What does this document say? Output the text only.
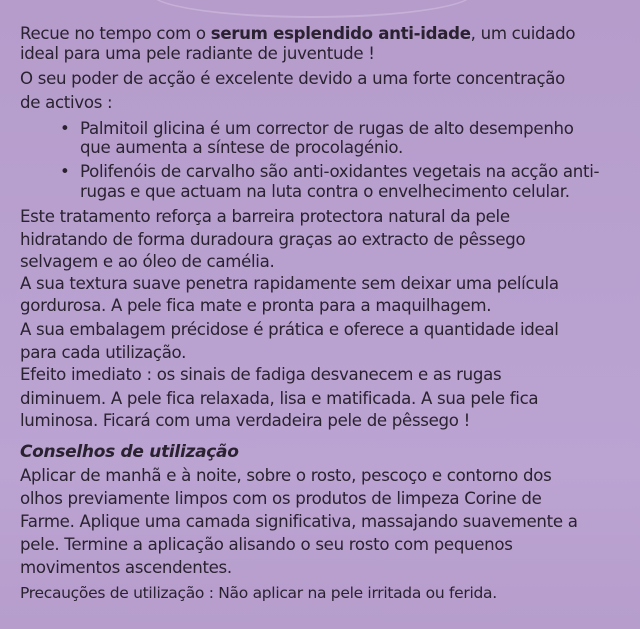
Recue no tempo com o serum esplendido anti-idade, um cuidado
ideal para uma pele radiante de juventude !
O seu poder de acção é excelente devido a uma forte concentração
de activos :
• Palmitoil glicina é um corrector de rugas de alto desempenho
que aumenta a síntese de procolagénio.
• Polifenóis de carvalho são anti-oxidantes vegetais na acção anti-
rugas e que actuam na luta contra o envelhecimento celular.
Este tratamento reforça a barreira protectora natural da pele
hidratando de forma duradoura graças ao extracto de pêssego
selvagem e ao óleo de camélia.
A sua textura suave penetra rapidamente sem deixar uma película
gordurosa. A pele fica mate e pronta para a maquilhagem.
A sua embalagem précidose é prática e oferece a quantidade ideal
para cada utilização.
Efeito imediato : os sinais de fadiga desvanecem e as rugas
diminuem. A pele fica relaxada, lisa e matificada. A sua pele fica
luminosa. Ficará com uma verdadeira pele de pêssego !
Conselhos de utilização
Aplicar de manhã e à noite, sobre o rosto, pescoço e contorno dos
olhos previamente limpos com os produtos de limpeza Corine de
Farme. Aplique uma camada significativa, massajando suavemente a
pele. Termine a aplicação alisando o seu rosto com pequenos
movimentos ascendentes.
Precauções de utilização : Não aplicar na pele irritada ou ferida.
